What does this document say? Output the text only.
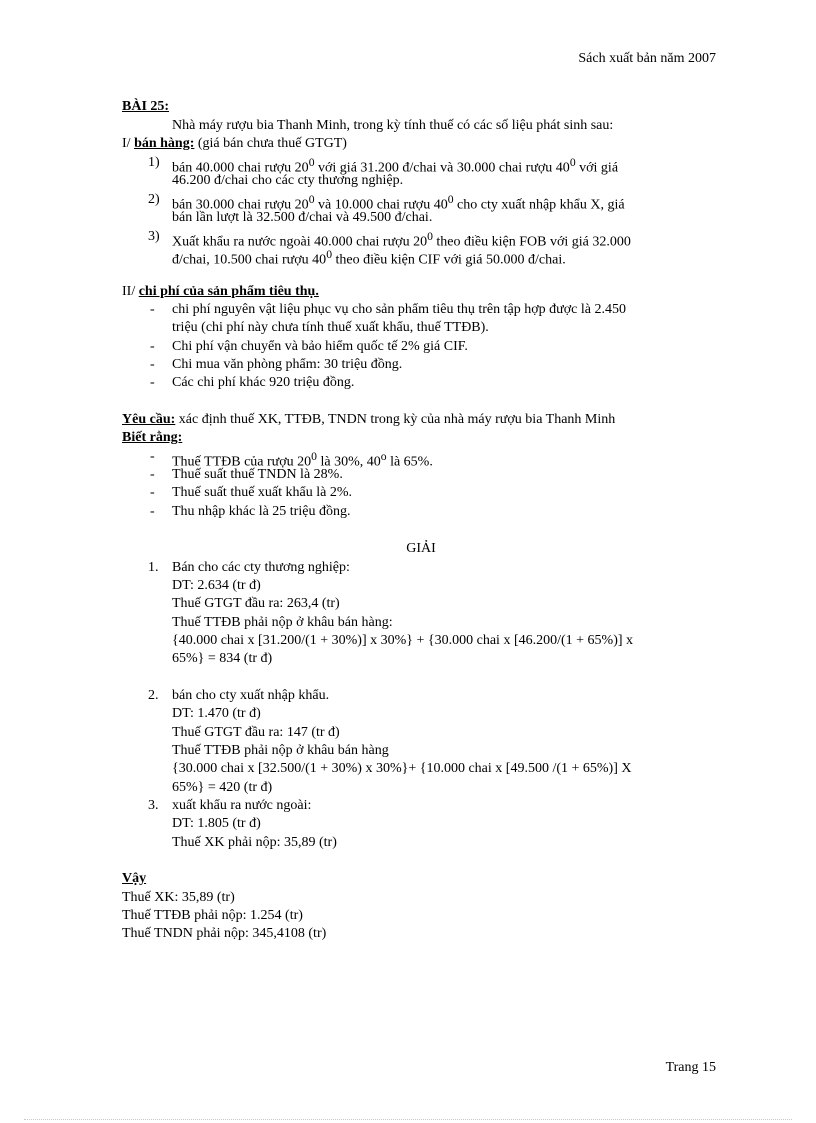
Sách xuất bản năm 2007
BÀI 25:
Nhà máy rượu bia Thanh Minh, trong kỳ tính thuế có các số liệu phát sinh sau:
I/ bán hàng: (giá bán chưa thuế GTGT)
1) bán 40.000 chai rượu $20^0$ với giá 31.200 đ/chai và 30.000 chai rượu $40^0$ với giá
46.200 đ/chai cho các cty thương nghiệp.
2) bán 30.000 chai rượu $20^0$ và 10.000 chai rượu $40^0$ cho cty xuất nhập khẩu X, giá
bán lần lượt là 32.500 đ/chai và 49.500 đ/chai.
3) Xuất khẩu ra nước ngoài 40.000 chai rượu $20^0$ theo điều kiện FOB với giá 32.000
đ/chai, 10.500 chai rượu $40^0$ theo điều kiện CIF với giá 50.000 đ/chai.
II/ chi phí của sản phẩm tiêu thụ.
- chi phí nguyên vật liệu phục vụ cho sản phẩm tiêu thụ trên tập hợp được là 2.450
triệu (chi phí này chưa tính thuế xuất khẩu, thuế TTĐB).
- Chi phí vận chuyển và bảo hiểm quốc tế 2% giá CIF.
- Chi mua văn phòng phẩm: 30 triệu đồng.
- Các chi phí khác 920 triệu đồng.
Yêu cầu: xác định thuế XK, TTĐB, TNDN trong kỳ của nhà máy rượu bia Thanh Minh
Biết rằng:
- Thuế TTĐB của rượu $20^0$ là 30%, 40$^o$ là 65%.
- Thuế suất thuế TNDN là 28%.
- Thuế suất thuế xuất khẩu là 2%.
- Thu nhập khác là 25 triệu đồng.
GIẢI
1. Bán cho các cty thương nghiệp:
DT: 2.634 (tr đ)
Thuế GTGT đầu ra: 263,4 (tr)
Thuế TTĐB phải nộp ở khâu bán hàng:
{40.000 chai x [31.200/(1 + 30%)] x 30%} + {30.000 chai x [46.200/(1 + 65%)] x
65%} = 834 (tr đ)
2. bán cho cty xuất nhập khẩu.
DT: 1.470 (tr đ)
Thuế GTGT đầu ra: 147 (tr đ)
Thuế TTĐB phải nộp ở khâu bán hàng
{30.000 chai x [32.500/(1 + 30%) x 30%}+ {10.000 chai x [49.500 /(1 + 65%)] X
65%} = 420 (tr đ)
3. xuất khẩu ra nước ngoài:
DT: 1.805 (tr đ)
Thuế XK phải nộp: 35,89 (tr)
Vậy
Thuế XK: 35,89 (tr)
Thuế TTĐB phải nộp: 1.254 (tr)
Thuế TNDN phải nộp: 345,4108 (tr)
Trang 15
